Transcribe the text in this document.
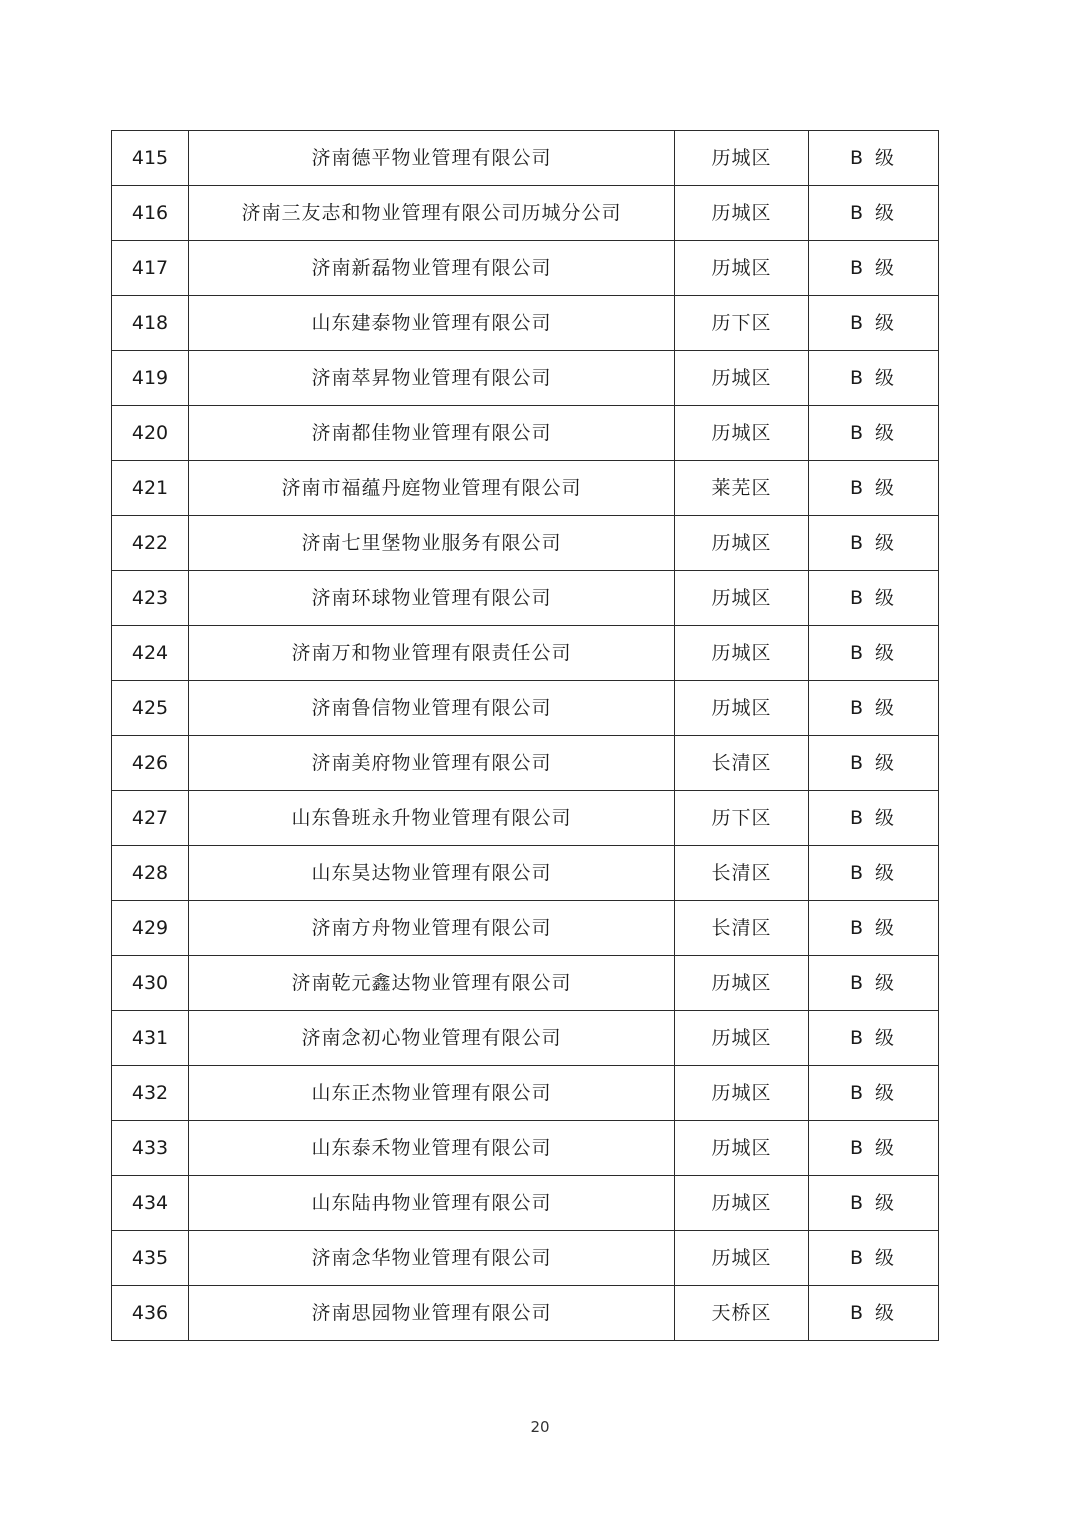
415	济南德平物业管理有限公司	历城区	B 级
416	济南三友志和物业管理有限公司历城分公司	历城区	B 级
417	济南新磊物业管理有限公司	历城区	B 级
418	山东建泰物业管理有限公司	历下区	B 级
419	济南萃昇物业管理有限公司	历城区	B 级
420	济南都佳物业管理有限公司	历城区	B 级
421	济南市福蕴丹庭物业管理有限公司	莱芜区	B 级
422	济南七里堡物业服务有限公司	历城区	B 级
423	济南环球物业管理有限公司	历城区	B 级
424	济南万和物业管理有限责任公司	历城区	B 级
425	济南鲁信物业管理有限公司	历城区	B 级
426	济南美府物业管理有限公司	长清区	B 级
427	山东鲁班永升物业管理有限公司	历下区	B 级
428	山东昊达物业管理有限公司	长清区	B 级
429	济南方舟物业管理有限公司	长清区	B 级
430	济南乾元鑫达物业管理有限公司	历城区	B 级
431	济南念初心物业管理有限公司	历城区	B 级
432	山东正杰物业管理有限公司	历城区	B 级
433	山东泰禾物业管理有限公司	历城区	B 级
434	山东陆冉物业管理有限公司	历城区	B 级
435	济南念华物业管理有限公司	历城区	B 级
436	济南思园物业管理有限公司	天桥区	B 级
20
